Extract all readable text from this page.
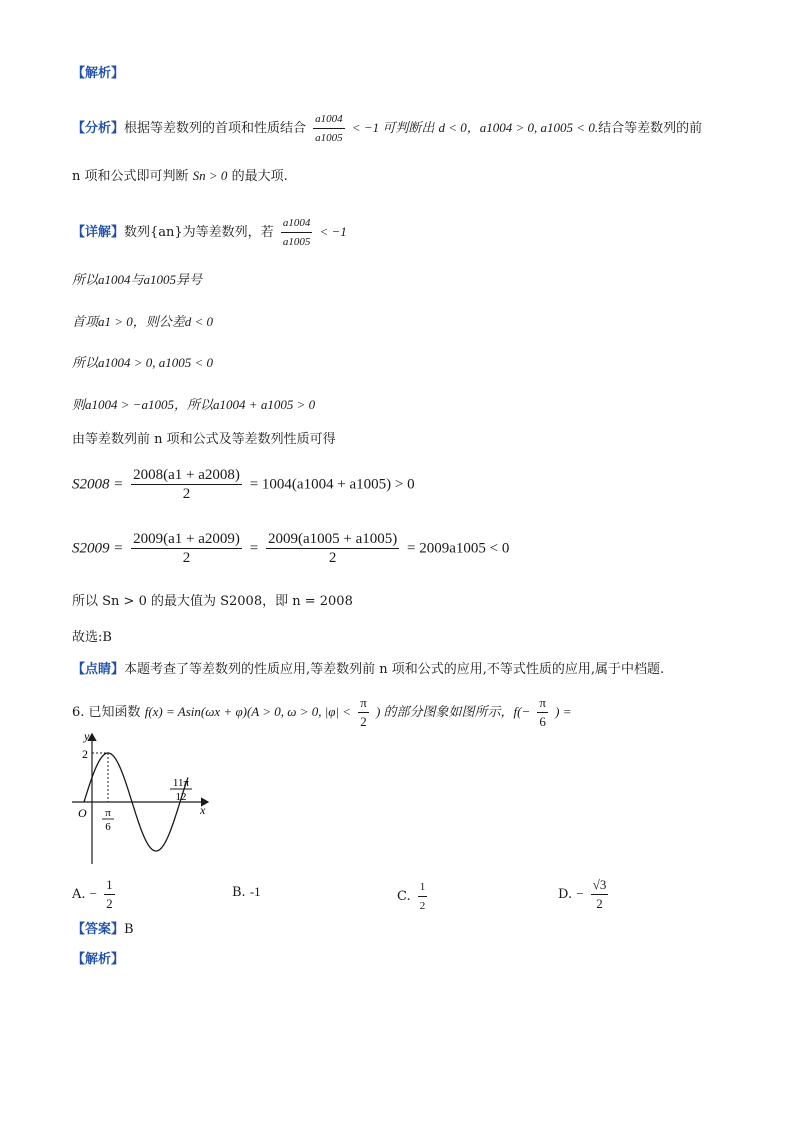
【解析】
【分析】根据等差数列的首项和性质结合 $\frac{a1004}{a1005} < -1$ 可判断出 d < 0，a1004 > 0, a1005 < 0.结合等差数列的前
n 项和公式即可判断 Sn > 0 的最大项.
【详解】数列{an}为等差数列，若 $\frac{a1004}{a1005} < -1$
所以a1004与a1005异号
首项a1 > 0，则公差d < 0
所以a1004 > 0, a1005 < 0
则a1004 > −a1005，所以a1004 + a1005 > 0
由等差数列前 n 项和公式及等差数列性质可得
$S2008 = \frac{2008(a1 + a2008)}{2} = 1004(a1004 + a1005) > 0$
$S2009 = \frac{2009(a1 + a2009)}{2} = \frac{2009(a1005 + a1005)}{2} = 2009a1005 < 0$
所以 Sn > 0 的最大值为 S2008，即 n = 2008
故选:B
【点睛】本题考查了等差数列的性质应用,等差数列前 n 项和公式的应用,不等式性质的应用,属于中档题.
6. 已知函数 f(x) = Asin(ωx + φ)(A > 0, ω > 0, $|\varphi| < \frac{\pi}{2}$ ) 的部分图象如图所示，$f(- \frac{\pi}{6}$ ) =
y
x
O
2
π
6
11π
12
A. − $\frac{1}{2}$	B. -1	C. $\frac{1}{2}$	D. − $\frac{√3}{2}$
【答案】B
【解析】
